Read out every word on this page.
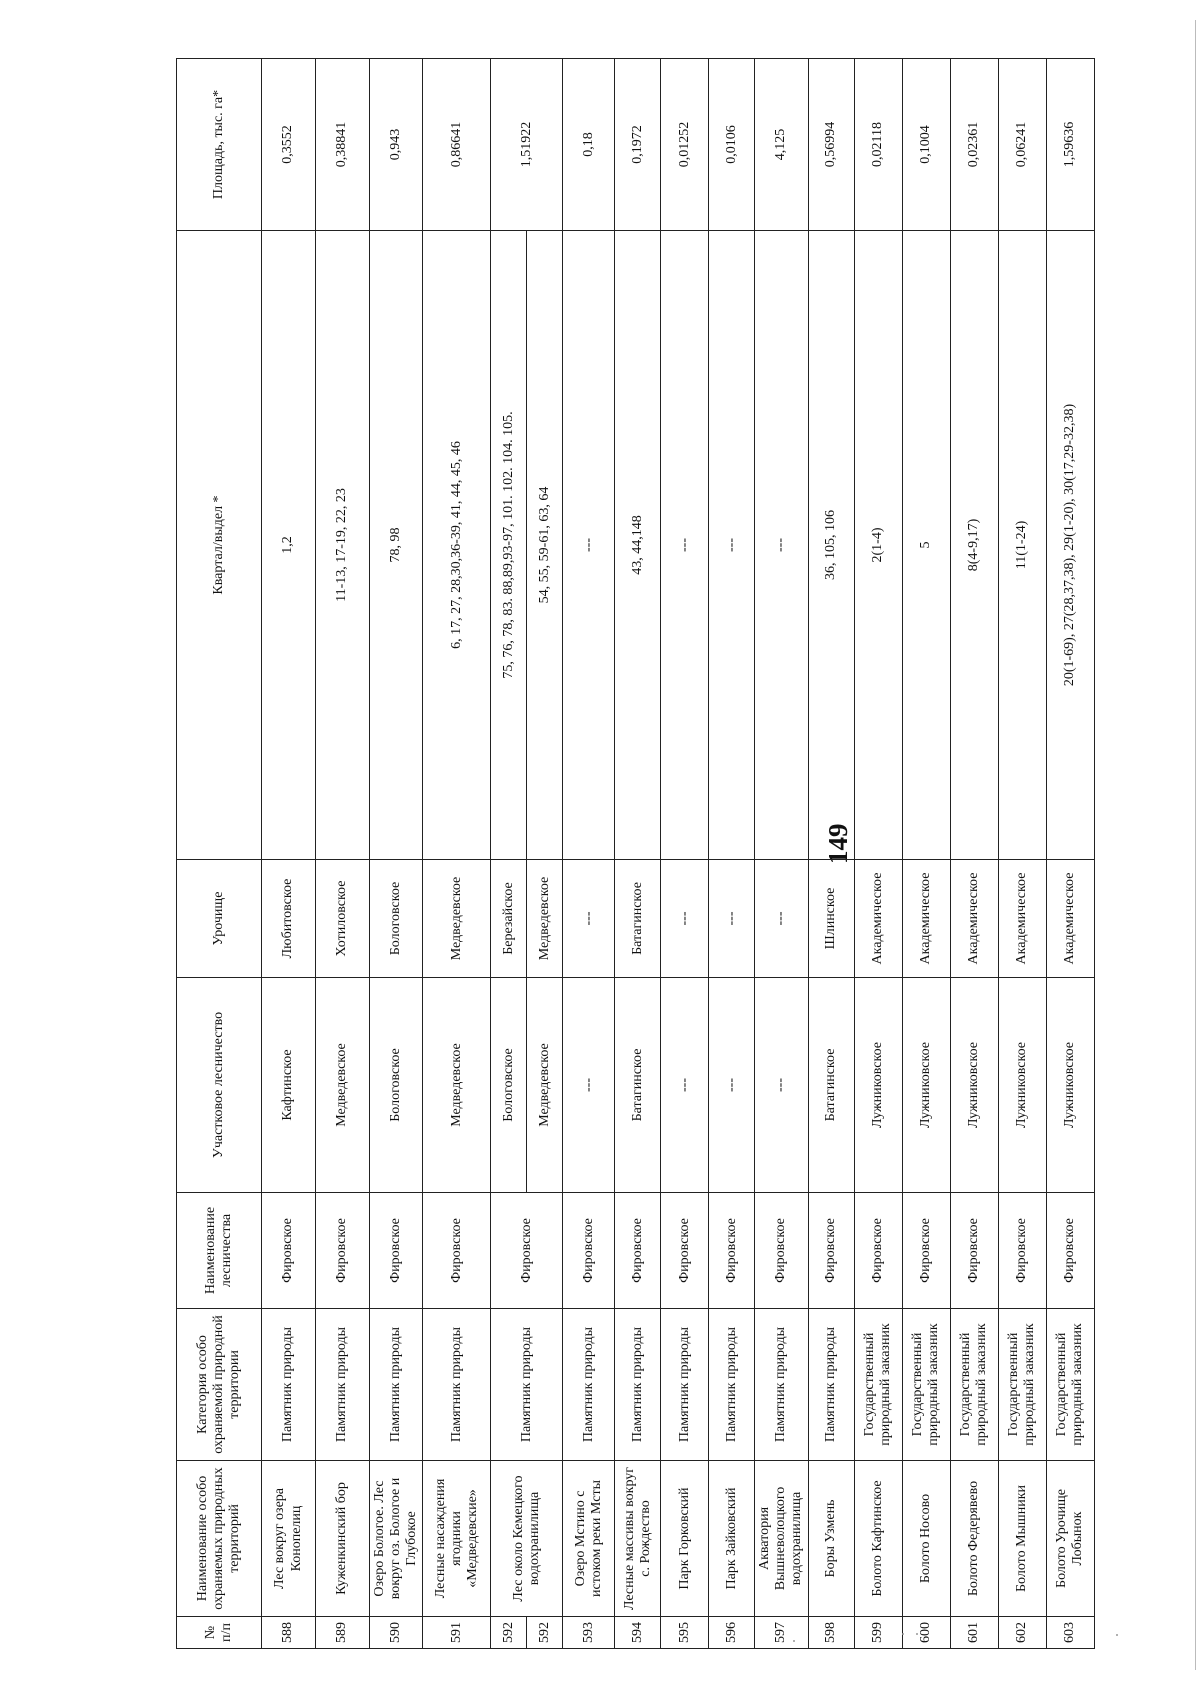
149
№ п/п	Наименование особо охраняемых природных территорий	Категория особо охраняемой природной территории	Наименование лесничества	Участковое лесничество	Урочище	Квартал/выдел *	Площадь, тыс. га*
588	Лес вокруг озера Конопелиц	Памятник природы	Фировское	Кафтинское	Любитовское	1,2	0,3552
589	Куженкинский бор	Памятник природы	Фировское	Медведевское	Хотиловское	11-13, 17-19, 22, 23	0,38841
590	Озеро Бологое. Лес вокруг оз. Бологое и Глубокое	Памятник природы	Фировское	Бологовское	Бологовское	78, 98	0,943
591	Лесные насаждения ягодники «Медведевские»	Памятник природы	Фировское	Медведевское	Медведевское	6, 17, 27, 28,30,36-39, 41, 44, 45, 46	0,86641
592	Лес около Кемецкого водохранилища	Памятник природы	Фировское	Бологовское	Березайское	75, 76, 78, 83. 88,89,93-97, 101. 102. 104. 105.	1,51922
592				Медведевское	Медведевское	54, 55, 59-61, 63, 64	
593	Озеро Мстино с истоком реки Мсты	Памятник природы	Фировское	---	---	---	0,18
594	Лесные массивы вокруг с. Рождество	Памятник природы	Фировское	Батагинское	Батагинское	43, 44,148	0,1972
595	Парк Горковский	Памятник природы	Фировское	---	---	---	0,01252
596	Парк Зайковский	Памятник природы	Фировское	---	---	---	0,0106
597	Акватория Вышневолоцкого водохранилища	Памятник природы	Фировское	---	---	---	4,125
598	Боры Узмень	Памятник природы	Фировское	Батагинское	Шлинское	36, 105, 106	0,56994
599	Болото Кафтинское	Государственный природный заказник	Фировское	Лужниковское	Академическое	2(1-4)	0,02118
600	Болото Носово	Государственный природный заказник	Фировское	Лужниковское	Академическое	5	0,1004
601	Болото Федерявево	Государственный природный заказник	Фировское	Лужниковское	Академическое	8(4-9,17)	0,02361
602	Болото Мышники	Государственный природный заказник	Фировское	Лужниковское	Академическое	11(1-24)	0,06241
603	Болото Урочище Лобынок	Государственный природный заказник	Фировское	Лужниковское	Академическое	20(1-69), 27(28,37,38), 29(1-20), 30(17,29-32,38)	1,59636
